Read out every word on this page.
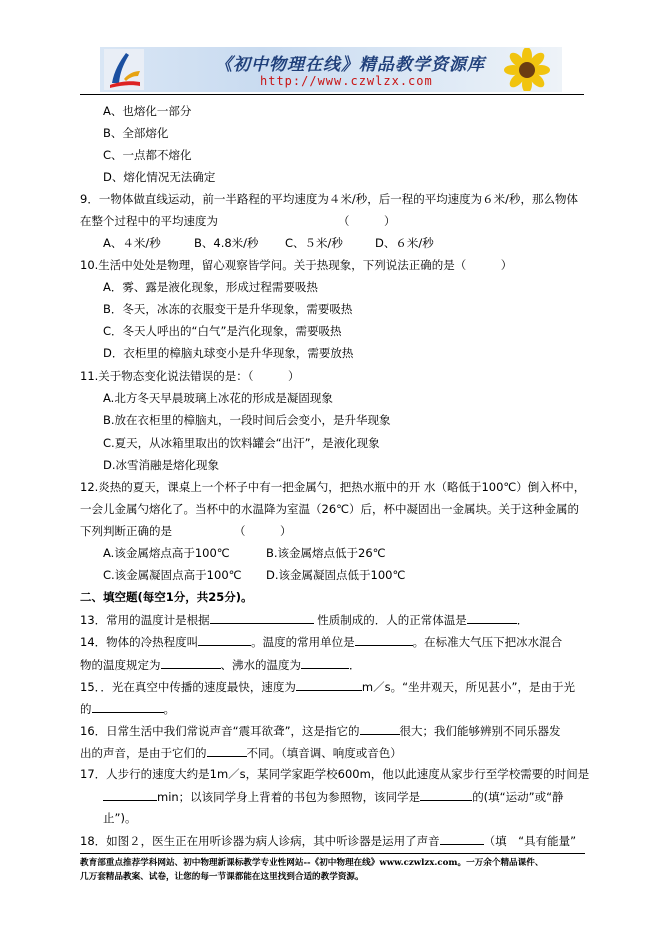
《初中物理在线》精品教学资源库
http://www.czwlzx.com
A、也熔化一部分
B、全部熔化
C、一点都不熔化
D、熔化情况无法确定
9．一物体做直线运动，前一半路程的平均速度为４米/秒，后一程的平均速度为６米/秒，那么物体
在整个过程中的平均速度为	（　　　）
A、４米/秒	B、4.8米/秒 C、５米/秒	D、６米/秒
10.生活中处处是物理，留心观察皆学问。关于热现象，下列说法正确的是（　　　）
A．雾、露是液化现象，形成过程需要吸热
B．冬天，冰冻的衣服变干是升华现象，需要吸热
C．冬天人呼出的“白气”是汽化现象，需要吸热
D．衣柜里的樟脑丸球变小是升华现象，需要放热
11.关于物态变化说法错误的是：（　　　）
A.北方冬天早晨玻璃上冰花的形成是凝固现象
B.放在衣柜里的樟脑丸，一段时间后会变小，是升华现象
C.夏天，从冰箱里取出的饮料罐会“出汗”，是液化现象
D.冰雪消融是熔化现象
12.炎热的夏天，课桌上一个杯子中有一把金属勺，把热水瓶中的开 水（略低于100℃）倒入杯中，
一会儿金属勺熔化了。当杯中的水温降为室温（26℃）后，杯中凝固出一金属块。关于这种金属的
下列判断正确的是	（　　　）
A.该金属熔点高于100℃	B.该金属熔点低于26℃
C.该金属凝固点高于100℃ D.该金属凝固点低于100℃
二、填空题(每空1分，共25分)。
13．常用的温度计是根据	性质制成的．人的正常体温是	．
14．物体的冷热程度叫	。温度的常用单位是	。在标准大气压下把冰水混合
物的温度规定为	、沸水的温度为	．
15．．光在真空中传播的速度最快，速度为	m／s。“坐井观天，所见甚小”，是由于光
的	。
16．日常生活中我们常说声音“震耳欲聋”，这是指它的	很大；我们能够辨别不同乐器发
出的声音，是由于它们的	不同。（填音调、响度或音色）
17．人步行的速度大约是1m／s，某同学家距学校600m，他以此速度从家步行至学校需要的时间是
min；以该同学身上背着的书包为参照物，该同学是	的(填“运动”或“静
止”)。
18．如图２，医生正在用听诊器为病人诊病，其中听诊器是运用了声音	（填　“具有能量”
教育部重点推荐学科网站、初中物理新课标教学专业性网站--《初中物理在线》www.czwlzx.com。一万余个精品课件、
几万套精品教案、试卷，让您的每一节课都能在这里找到合适的教学资源。
